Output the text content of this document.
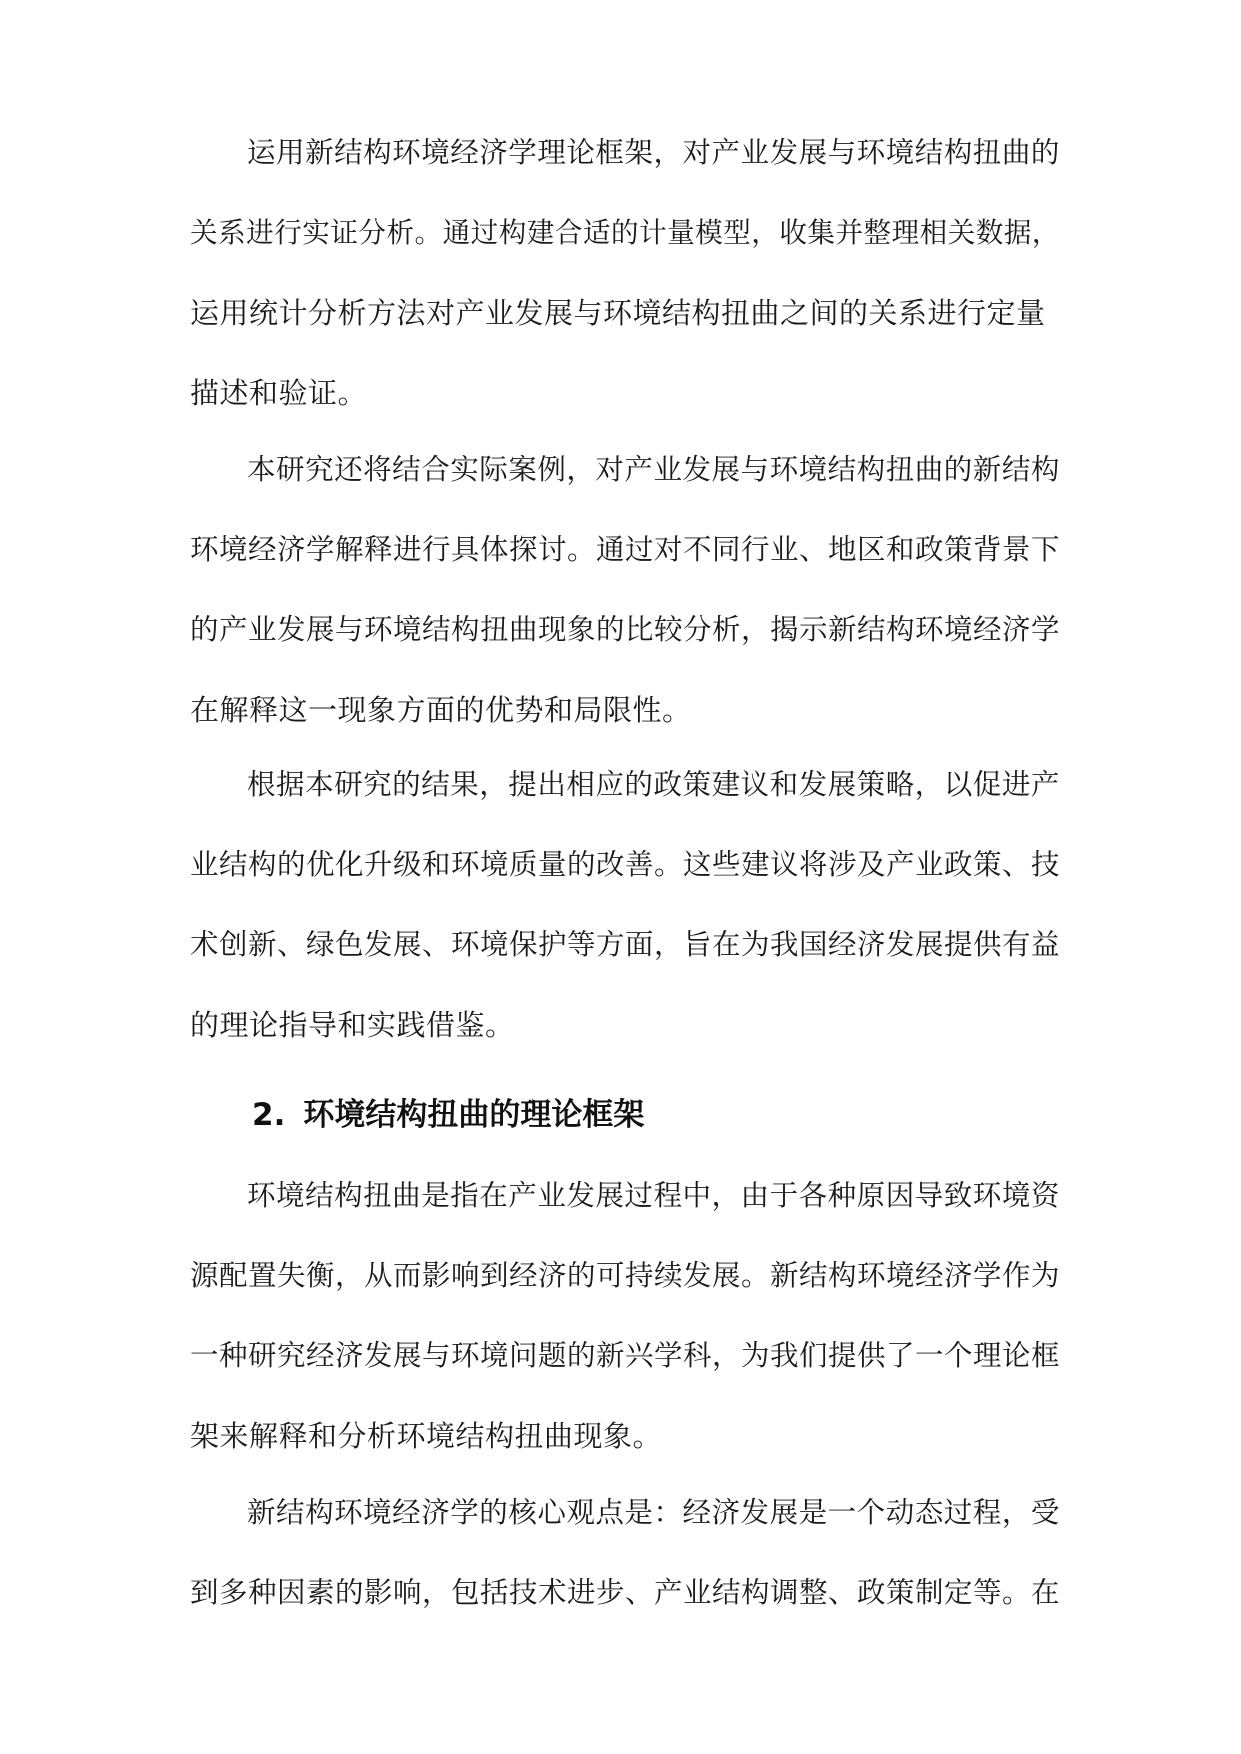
运用新结构环境经济学理论框架，对产业发展与环境结构扭曲的
关系进行实证分析。通过构建合适的计量模型，收集并整理相关数据，
运用统计分析方法对产业发展与环境结构扭曲之间的关系进行定量
描述和验证。
本研究还将结合实际案例，对产业发展与环境结构扭曲的新结构
环境经济学解释进行具体探讨。通过对不同行业、地区和政策背景下
的产业发展与环境结构扭曲现象的比较分析，揭示新结构环境经济学
在解释这一现象方面的优势和局限性。
根据本研究的结果，提出相应的政策建议和发展策略，以促进产
业结构的优化升级和环境质量的改善。这些建议将涉及产业政策、技
术创新、绿色发展、环境保护等方面，旨在为我国经济发展提供有益
的理论指导和实践借鉴。
2. 环境结构扭曲的理论框架
环境结构扭曲是指在产业发展过程中，由于各种原因导致环境资
源配置失衡，从而影响到经济的可持续发展。新结构环境经济学作为
一种研究经济发展与环境问题的新兴学科，为我们提供了一个理论框
架来解释和分析环境结构扭曲现象。
新结构环境经济学的核心观点是：经济发展是一个动态过程，受
到多种因素的影响，包括技术进步、产业结构调整、政策制定等。在
